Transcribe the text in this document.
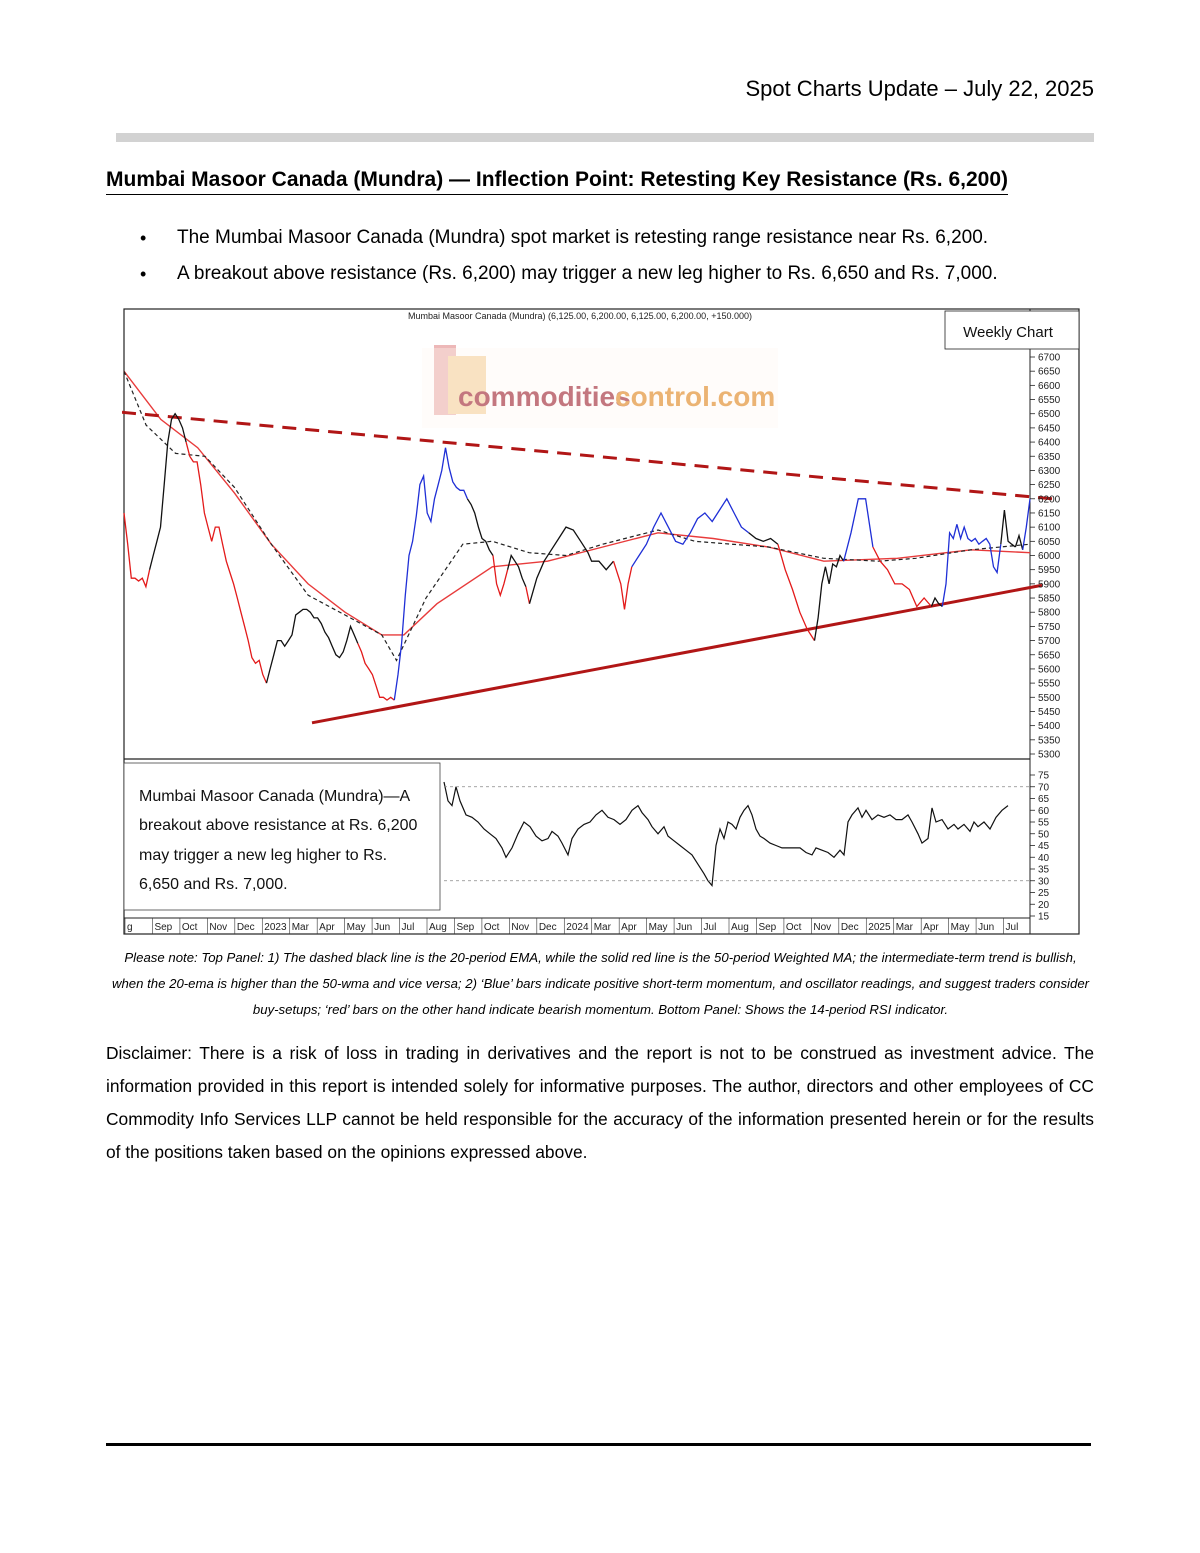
Spot Charts Update – July 22, 2025
Mumbai Masoor Canada (Mundra) — Inflection Point: Retesting Key Resistance (Rs. 6,200)
• The Mumbai Masoor Canada (Mundra) spot market is retesting range resistance near Rs. 6,200.
• A breakout above resistance (Rs. 6,200) may trigger a new leg higher to Rs. 6,650 and Rs. 7,000.
Mumbai Masoor Canada (Mundra) (6,125.00, 6,200.00, 6,125.00, 6,200.00, +150.000)
commodities
control.com
Weekly Chart
5300
5350
5400
5450
5500
5550
5600
5650
5700
5750
5800
5850
5900
5950
6000
6050
6100
6150
6200
6250
6300
6350
6400
6450
6500
6550
6600
6650
6700
15
20
25
30
35
40
45
50
55
60
65
70
75
g Sep Oct Nov Dec 2023 Mar Apr May Jun Jul Aug Sep Oct Nov Dec 2024 Mar Apr May Jun Jul Aug Sep Oct Nov Dec 2025 Mar Apr May Jun Jul
Mumbai Masoor Canada (Mundra)—A
breakout above resistance at Rs. 6,200
may trigger a new leg higher to Rs.
6,650 and Rs. 7,000.
Please note: Top Panel: 1) The dashed black line is the 20-period EMA, while the solid red line is the 50-period Weighted MA; the intermediate-term trend is bullish, when the 20-ema is higher than the 50-wma and vice versa; 2) ‘Blue’ bars indicate positive short-term momentum, and oscillator readings, and suggest traders consider buy-setups; ‘red’ bars on the other hand indicate bearish momentum. Bottom Panel: Shows the 14-period RSI indicator.
Disclaimer: There is a risk of loss in trading in derivatives and the report is not to be construed as investment advice. The information provided in this report is intended solely for informative purposes. The author, directors and other employees of CC Commodity Info Services LLP cannot be held responsible for the accuracy of the information presented herein or for the results of the positions taken based on the opinions expressed above.
